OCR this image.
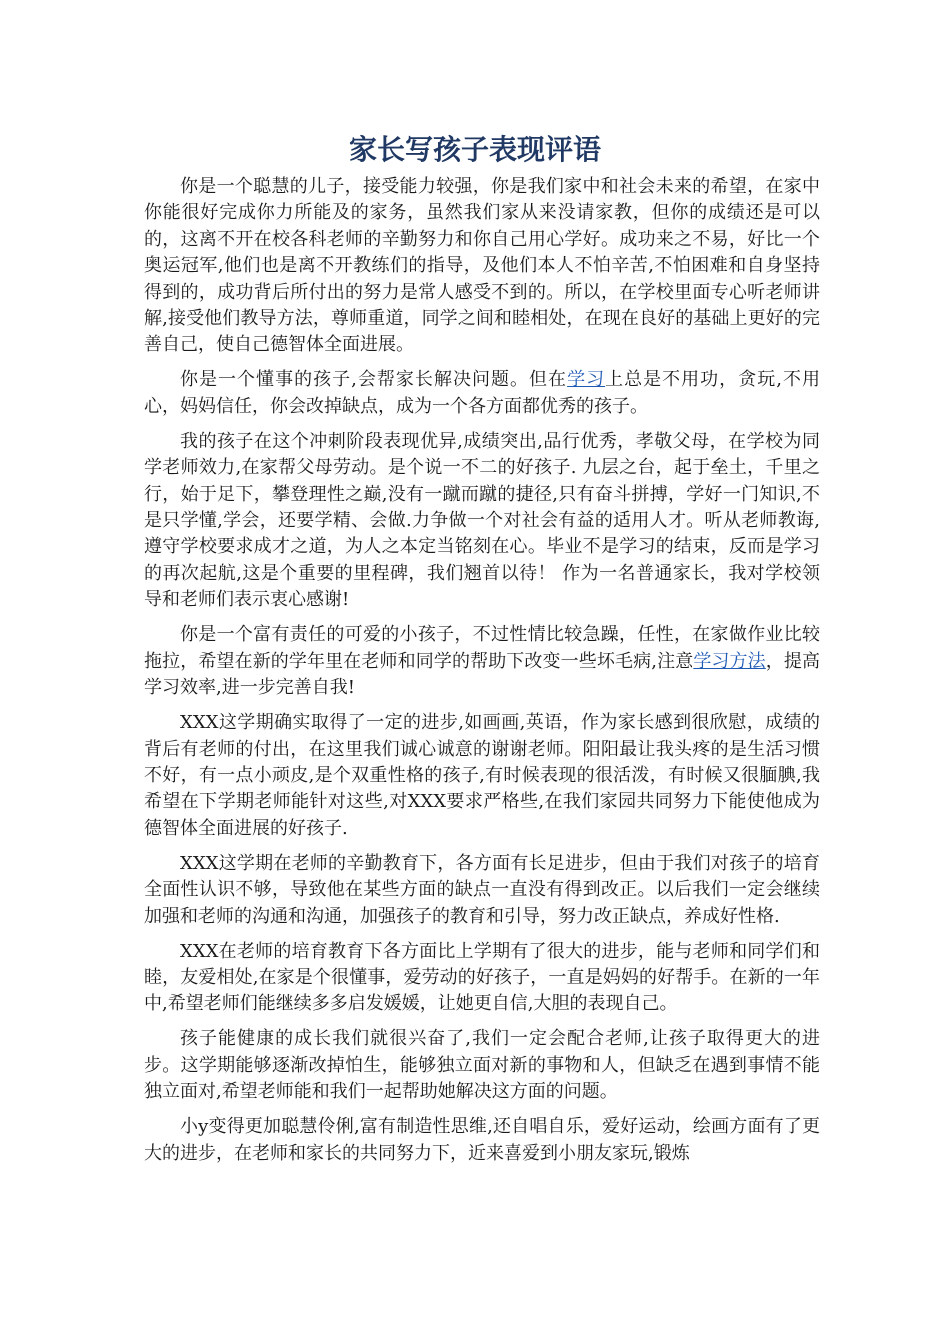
家长写孩子表现评语

你是一个聪慧的儿子，接受能力较强，你是我们家中和社会未来的希望，在家中你能很好完成你力所能及的家务，虽然我们家从来没请家教，但你的成绩还是可以的，这离不开在校各科老师的辛勤努力和你自己用心学好。成功来之不易，好比一个奥运冠军,他们也是离不开教练们的指导，及他们本人不怕辛苦,不怕困难和自身坚持得到的，成功背后所付出的努力是常人感受不到的。所以，在学校里面专心听老师讲解,接受他们教导方法，尊师重道，同学之间和睦相处，在现在良好的基础上更好的完善自己，使自己德智体全面进展。

你是一个懂事的孩子,会帮家长解决问题。但在学习上总是不用功，贪玩,不用心，妈妈信任，你会改掉缺点，成为一个各方面都优秀的孩子。

我的孩子在这个冲刺阶段表现优异,成绩突出,品行优秀，孝敬父母，在学校为同学老师效力,在家帮父母劳动。是个说一不二的好孩子. 九层之台，起于垒土，千里之行，始于足下，攀登理性之巅,没有一蹴而蹴的捷径,只有奋斗拼搏，学好一门知识,不是只学懂,学会，还要学精、会做.力争做一个对社会有益的适用人才。听从老师教诲,遵守学校要求成才之道，为人之本定当铭刻在心。毕业不是学习的结束，反而是学习的再次起航,这是个重要的里程碑，我们翘首以待！ 作为一名普通家长，我对学校领导和老师们表示衷心感谢!

你是一个富有责任的可爱的小孩子，不过性情比较急躁，任性，在家做作业比较拖拉，希望在新的学年里在老师和同学的帮助下改变一些坏毛病,注意学习方法，提高学习效率,进一步完善自我!

XXX这学期确实取得了一定的进步,如画画,英语，作为家长感到很欣慰，成绩的背后有老师的付出，在这里我们诚心诚意的谢谢老师。阳阳最让我头疼的是生活习惯不好，有一点小顽皮,是个双重性格的孩子,有时候表现的很活泼，有时候又很腼腆,我希望在下学期老师能针对这些,对XXX要求严格些,在我们家园共同努力下能使他成为德智体全面进展的好孩子.

XXX这学期在老师的辛勤教育下，各方面有长足进步，但由于我们对孩子的培育全面性认识不够，导致他在某些方面的缺点一直没有得到改正。以后我们一定会继续加强和老师的沟通和沟通，加强孩子的教育和引导，努力改正缺点，养成好性格.

XXX在老师的培育教育下各方面比上学期有了很大的进步，能与老师和同学们和睦，友爱相处,在家是个很懂事，爱劳动的好孩子，一直是妈妈的好帮手。在新的一年中,希望老师们能继续多多启发媛媛，让她更自信,大胆的表现自己。

孩子能健康的成长我们就很兴奋了,我们一定会配合老师,让孩子取得更大的进步。这学期能够逐渐改掉怕生，能够独立面对新的事物和人，但缺乏在遇到事情不能独立面对,希望老师能和我们一起帮助她解决这方面的问题。

小y变得更加聪慧伶俐,富有制造性思维,还自唱自乐，爱好运动，绘画方面有了更大的进步，在老师和家长的共同努力下，近来喜爱到小朋友家玩,锻炼
